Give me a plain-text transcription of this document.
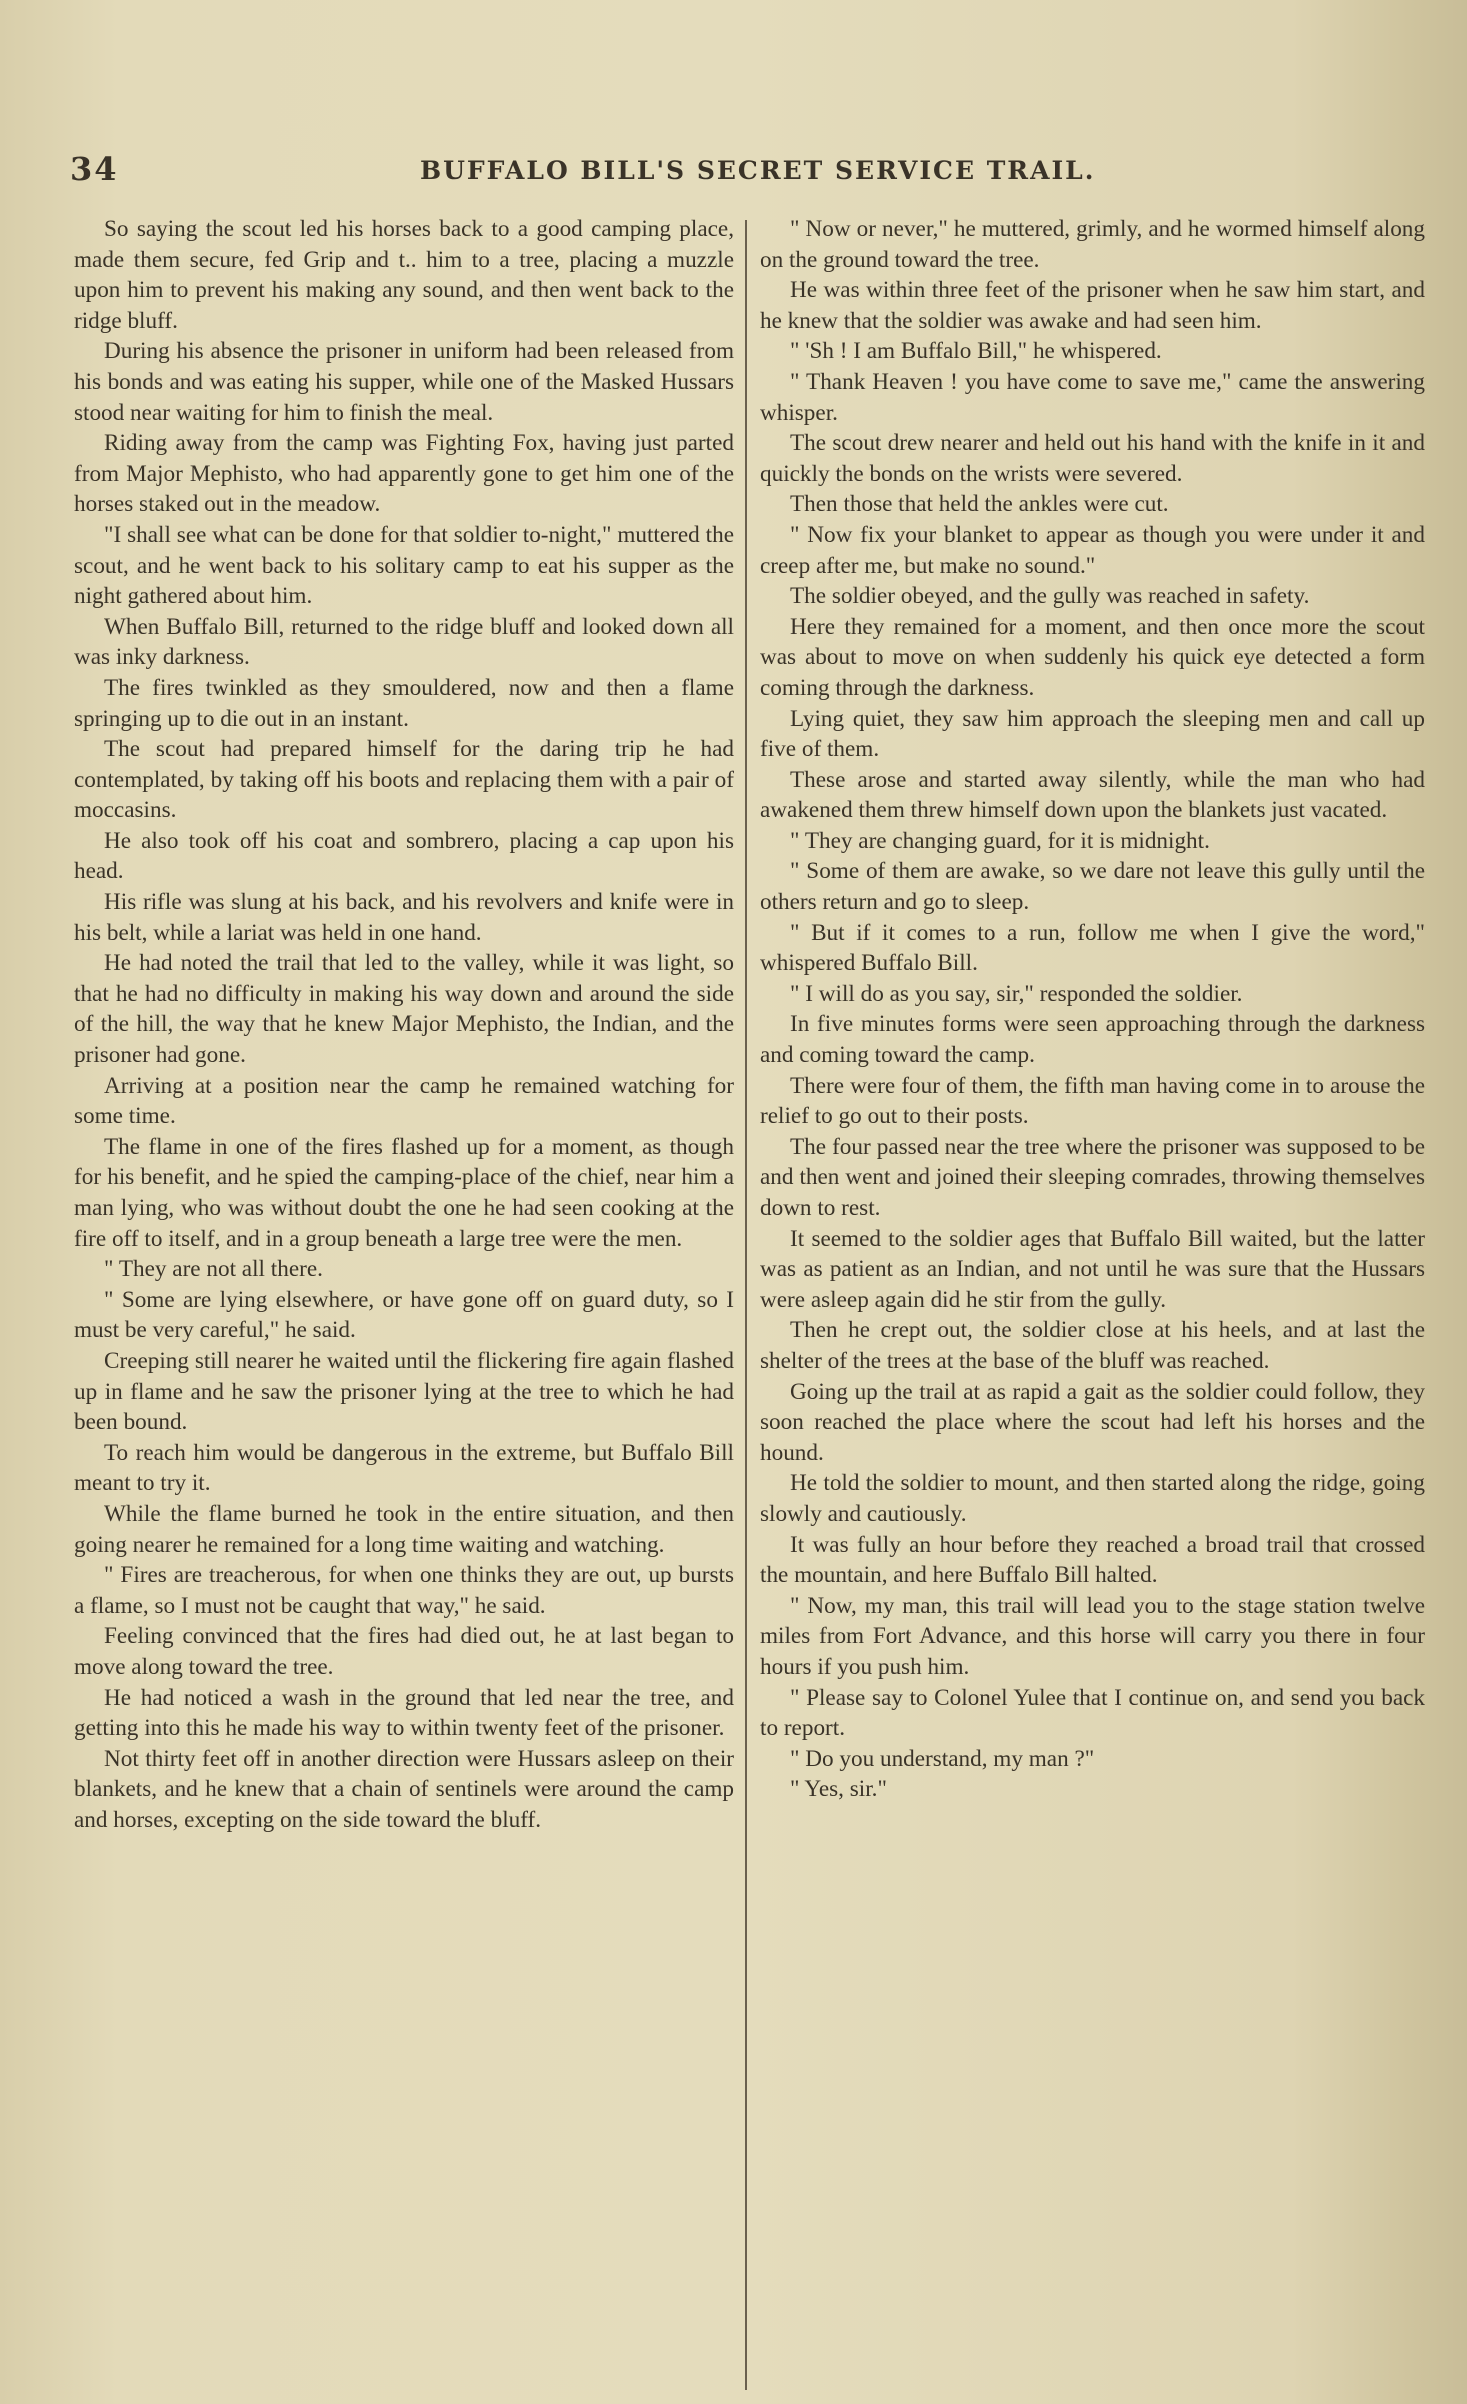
34	BUFFALO BILL'S SECRET SERVICE TRAIL.

So saying the scout led his horses back to a good camping place, made them secure, fed Grip and t.. him to a tree, placing a muzzle upon him to prevent his making any sound, and then went back to the ridge bluff.

During his absence the prisoner in uniform had been released from his bonds and was eating his supper, while one of the Masked Hussars stood near waiting for him to finish the meal.

Riding away from the camp was Fighting Fox, having just parted from Major Mephisto, who had apparently gone to get him one of the horses staked out in the meadow.

"I shall see what can be done for that soldier to-night," muttered the scout, and he went back to his solitary camp to eat his supper as the night gathered about him.

When Buffalo Bill, returned to the ridge bluff and looked down all was inky darkness.

The fires twinkled as they smouldered, now and then a flame springing up to die out in an instant.

The scout had prepared himself for the daring trip he had contemplated, by taking off his boots and replacing them with a pair of moccasins.

He also took off his coat and sombrero, placing a cap upon his head.

His rifle was slung at his back, and his revolvers and knife were in his belt, while a lariat was held in one hand.

He had noted the trail that led to the valley, while it was light, so that he had no difficulty in making his way down and around the side of the hill, the way that he knew Major Mephisto, the Indian, and the prisoner had gone.

Arriving at a position near the camp he remained watching for some time.

The flame in one of the fires flashed up for a moment, as though for his benefit, and he spied the camping-place of the chief, near him a man lying, who was without doubt the one he had seen cooking at the fire off to itself, and in a group beneath a large tree were the men.

" They are not all there.

" Some are lying elsewhere, or have gone off on guard duty, so I must be very careful," he said.

Creeping still nearer he waited until the flickering fire again flashed up in flame and he saw the prisoner lying at the tree to which he had been bound.

To reach him would be dangerous in the extreme, but Buffalo Bill meant to try it.

While the flame burned he took in the entire situation, and then going nearer he remained for a long time waiting and watching.

" Fires are treacherous, for when one thinks they are out, up bursts a flame, so I must not be caught that way," he said.

Feeling convinced that the fires had died out, he at last began to move along toward the tree.

He had noticed a wash in the ground that led near the tree, and getting into this he made his way to within twenty feet of the prisoner.

Not thirty feet off in another direction were Hussars asleep on their blankets, and he knew that a chain of sentinels were around the camp and horses, excepting on the side toward the bluff.

" Now or never," he muttered, grimly, and he wormed himself along on the ground toward the tree.

He was within three feet of the prisoner when he saw him start, and he knew that the soldier was awake and had seen him.

" 'Sh ! I am Buffalo Bill," he whispered.

" Thank Heaven ! you have come to save me," came the answering whisper.

The scout drew nearer and held out his hand with the knife in it and quickly the bonds on the wrists were severed.

Then those that held the ankles were cut.

" Now fix your blanket to appear as though you were under it and creep after me, but make no sound."

The soldier obeyed, and the gully was reached in safety.

Here they remained for a moment, and then once more the scout was about to move on when suddenly his quick eye detected a form coming through the darkness.

Lying quiet, they saw him approach the sleeping men and call up five of them.

These arose and started away silently, while the man who had awakened them threw himself down upon the blankets just vacated.

" They are changing guard, for it is midnight.

" Some of them are awake, so we dare not leave this gully until the others return and go to sleep.

" But if it comes to a run, follow me when I give the word," whispered Buffalo Bill.

" I will do as you say, sir," responded the soldier.

In five minutes forms were seen approaching through the darkness and coming toward the camp.

There were four of them, the fifth man having come in to arouse the relief to go out to their posts.

The four passed near the tree where the prisoner was supposed to be and then went and joined their sleeping comrades, throwing themselves down to rest.

It seemed to the soldier ages that Buffalo Bill waited, but the latter was as patient as an Indian, and not until he was sure that the Hussars were asleep again did he stir from the gully.

Then he crept out, the soldier close at his heels, and at last the shelter of the trees at the base of the bluff was reached.

Going up the trail at as rapid a gait as the soldier could follow, they soon reached the place where the scout had left his horses and the hound.

He told the soldier to mount, and then started along the ridge, going slowly and cautiously.

It was fully an hour before they reached a broad trail that crossed the mountain, and here Buffalo Bill halted.

" Now, my man, this trail will lead you to the stage station twelve miles from Fort Advance, and this horse will carry you there in four hours if you push him.

" Please say to Colonel Yulee that I continue on, and send you back to report.

" Do you understand, my man ?"

" Yes, sir."
